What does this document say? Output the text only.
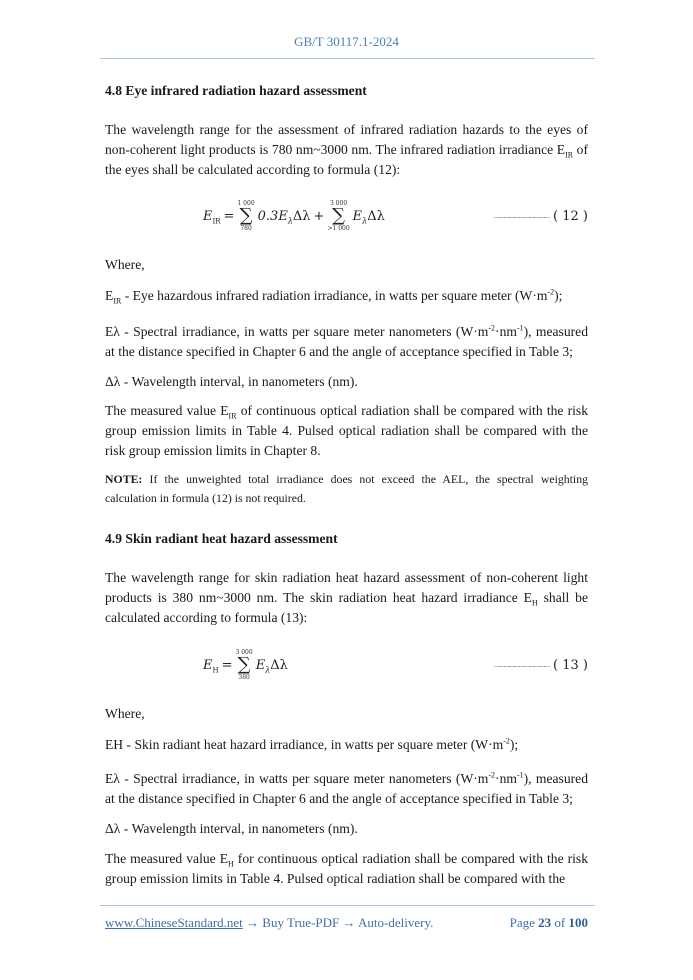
GB/T 30117.1-2024

4.8 Eye infrared radiation hazard assessment

The wavelength range for the assessment of infrared radiation hazards to the eyes of non-coherent light products is 780 nm~3000 nm. The infrared radiation irradiance $E_{IR}$ of the eyes shall be calculated according to formula (12):

$E_{IR}$ =
1 000
∑
780
$0.3E_\lambda\Delta\lambda$ +
3 000
∑
>1 000
$E_\lambda\Delta\lambda$	…………………………… ( 12 )

Where,

$E_{IR}$ - Eye hazardous infrared radiation irradiance, in watts per square meter $(W\cdot m^{-2})$;

Eλ - Spectral irradiance, in watts per square meter nanometers $(W\cdot m^{-2}\cdot nm^{-1})$, measured at the distance specified in Chapter 6 and the angle of acceptance specified in Table 3;

Δλ - Wavelength interval, in nanometers (nm).

The measured value $E_{IR}$ of continuous optical radiation shall be compared with the risk group emission limits in Table 4. Pulsed optical radiation shall be compared with the risk group emission limits in Chapter 8.

NOTE: If the unweighted total irradiance does not exceed the AEL, the spectral weighting calculation in formula (12) is not required.

4.9 Skin radiant heat hazard assessment

The wavelength range for skin radiation heat hazard assessment of non-coherent light products is 380 nm~3000 nm. The skin radiation heat hazard irradiance $E_H$ shall be calculated according to formula (13):

$E_H$ =
3 000
∑
380
$E_\lambda\Delta\lambda$	…………………………… ( 13 )

Where,

EH - Skin radiant heat hazard irradiance, in watts per square meter $(W\cdot m^{-2})$;

Eλ - Spectral irradiance, in watts per square meter nanometers $(W\cdot m^{-2}\cdot nm^{-1})$, measured at the distance specified in Chapter 6 and the angle of acceptance specified in Table 3;

Δλ - Wavelength interval, in nanometers (nm).

The measured value $E_H$ for continuous optical radiation shall be compared with the risk group emission limits in Table 4. Pulsed optical radiation shall be compared with the

www.ChineseStandard.net → Buy True-PDF → Auto-delivery.	Page 23 of 100
